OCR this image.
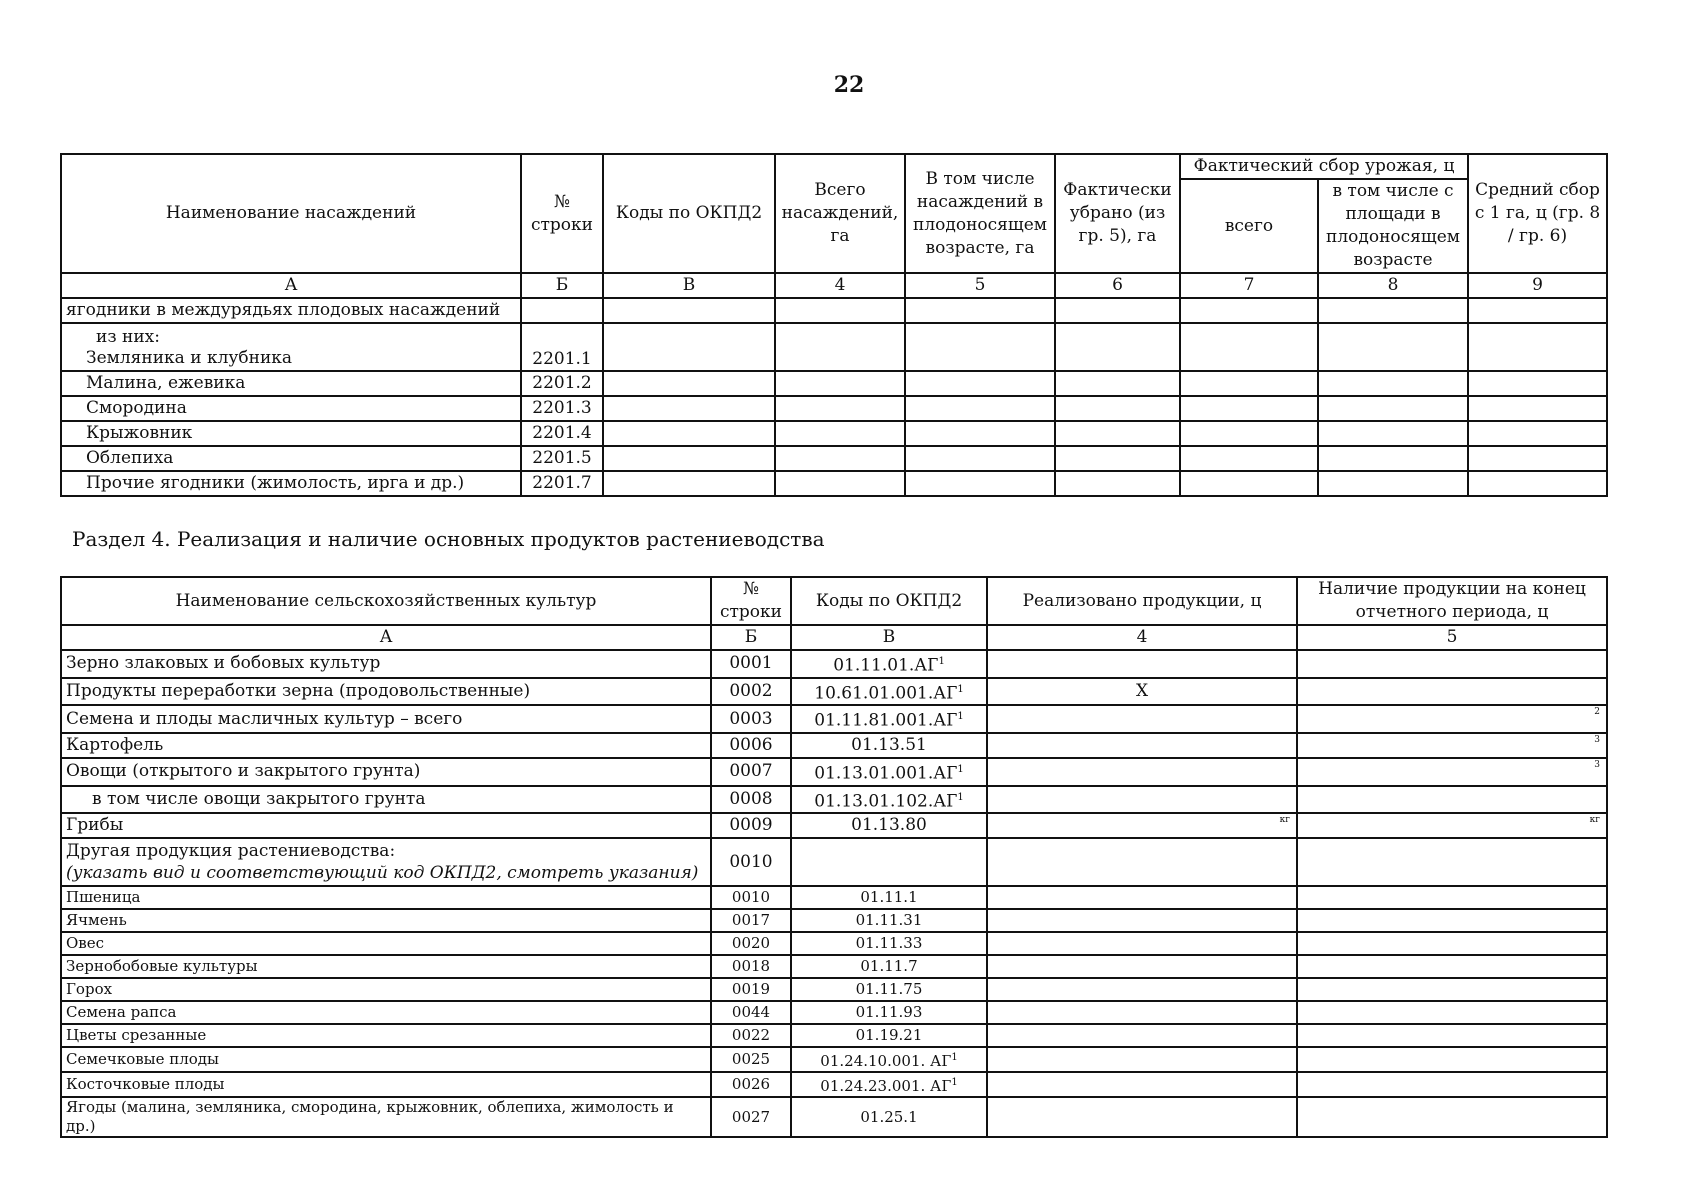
22
Наименование насаждений	№ строки	Коды по ОКПД2	Всего насаждений, га	В том числе насаждений в плодоносящем возрасте, га	Фактически убрано (из гр. 5), га	Фактический сбор урожая, ц		Средний сбор с 1 га, ц (гр. 8 / гр. 6)
						всего	в том числе с площади в плодоносящем возрасте	
А	Б	В	4	5	6	7	8	9
ягодники в междурядьях плодовых насаждений								

из них:
Земляника и клубника	2201.1							
Малина, ежевика	2201.2							
Смородина	2201.3							
Крыжовник	2201.4							
Облепиха	2201.5							
Прочие ягодники (жимолость, ирга и др.)	2201.7							
Раздел 4. Реализация и наличие основных продуктов растениеводства
Наименование сельскохозяйственных культур	№ строки	Коды по ОКПД2	Реализовано продукции, ц	Наличие продукции на конец отчетного периода, ц
А	Б	В	4	5
Зерно злаковых и бобовых культур	0001	$01.11.01.АГ^1$		
Продукты переработки зерна (продовольственные)	0002	$10.61.01.001.АГ^1$	Х	
Семена и плоды масличных культур – всего	0003	$01.11.81.001.АГ^1$		2

Картофель	0006	01.13.51		3

Овощи (открытого и закрытого грунта)	0007	$01.13.01.001.АГ^1$		3

в том числе овощи закрытого грунта	0008	$01.13.01.102.АГ^1$		
Грибы	0009	01.13.80	кг	кг

Другая продукция растениеводства:
(указать вид и соответствующий код ОКПД2, смотреть указания)	0010			
Пшеница	0010	01.11.1		
Ячмень	0017	01.11.31		
Овес	0020	01.11.33		
Зернобобовые культуры	0018	01.11.7		
Горох	0019	01.11.75		
Семена рапса	0044	01.11.93		
Цветы срезанные	0022	01.19.21		
Семечковые плоды	0025	01.24.10.001. $АГ^1$		
Косточковые плоды	0026	01.24.23.001. $АГ^1$		
Ягоды (малина, земляника, смородина, крыжовник, облепиха, жимолость и др.)	0027	01.25.1		
